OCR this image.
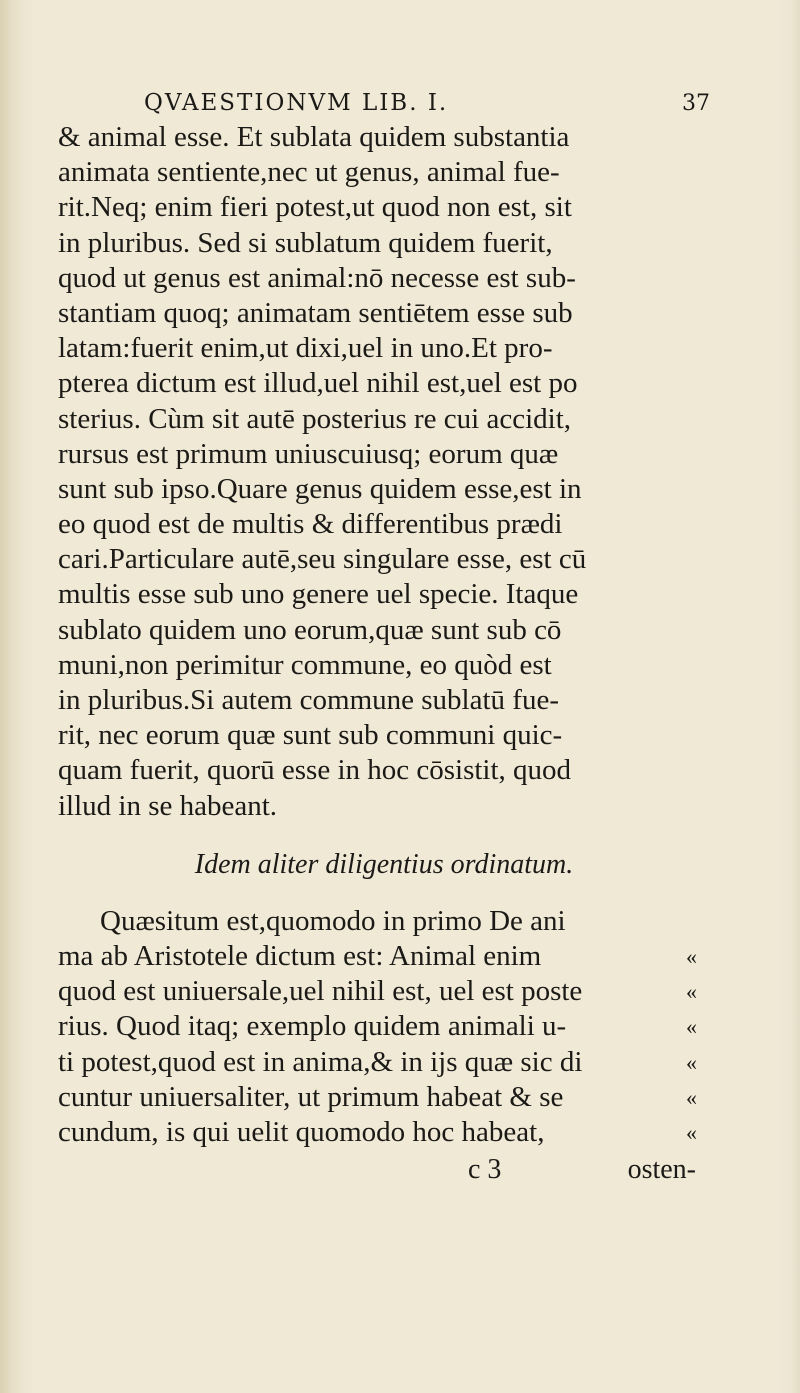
QVAESTIONVM LIB. I.	37
& animal esse. Et sublata quidem substantia
animata sentiente,nec ut genus, animal fue-
rit.Neq; enim fieri potest,ut quod non est, sit
in pluribus. Sed si sublatum quidem fuerit,
quod ut genus est animal:nō necesse est sub-
stantiam quoq; animatam sentiētem esse sub
latam:fuerit enim,ut dixi,uel in uno.Et pro-
pterea dictum est illud,uel nihil est,uel est po
sterius. Cùm sit autē posterius re cui accidit,
rursus est primum uniuscuiusq; eorum quæ
sunt sub ipso.Quare genus quidem esse,est in
eo quod est de multis & differentibus prædi
cari.Particulare autē,seu singulare esse, est cū
multis esse sub uno genere uel specie. Itaque
sublato quidem uno eorum,quæ sunt sub cō
muni,non perimitur commune, eo quòd est
in pluribus.Si autem commune sublatū fue-
rit, nec eorum quæ sunt sub communi quic-
quam fuerit, quorū esse in hoc cōsistit, quod
illud in se habeant.
Idem aliter diligentius ordinatum.
Quæsitum est,quomodo in primo De ani
ma ab Aristotele dictum est: Animal enim	«
quod est uniuersale,uel nihil est, uel est poste	«
rius. Quod itaq; exemplo quidem animali u-	«
ti potest,quod est in anima,& in ijs quæ sic di	«
cuntur uniuersaliter, ut primum habeat & se	«
cundum, is qui uelit quomodo hoc habeat,	«
c 3	osten-
